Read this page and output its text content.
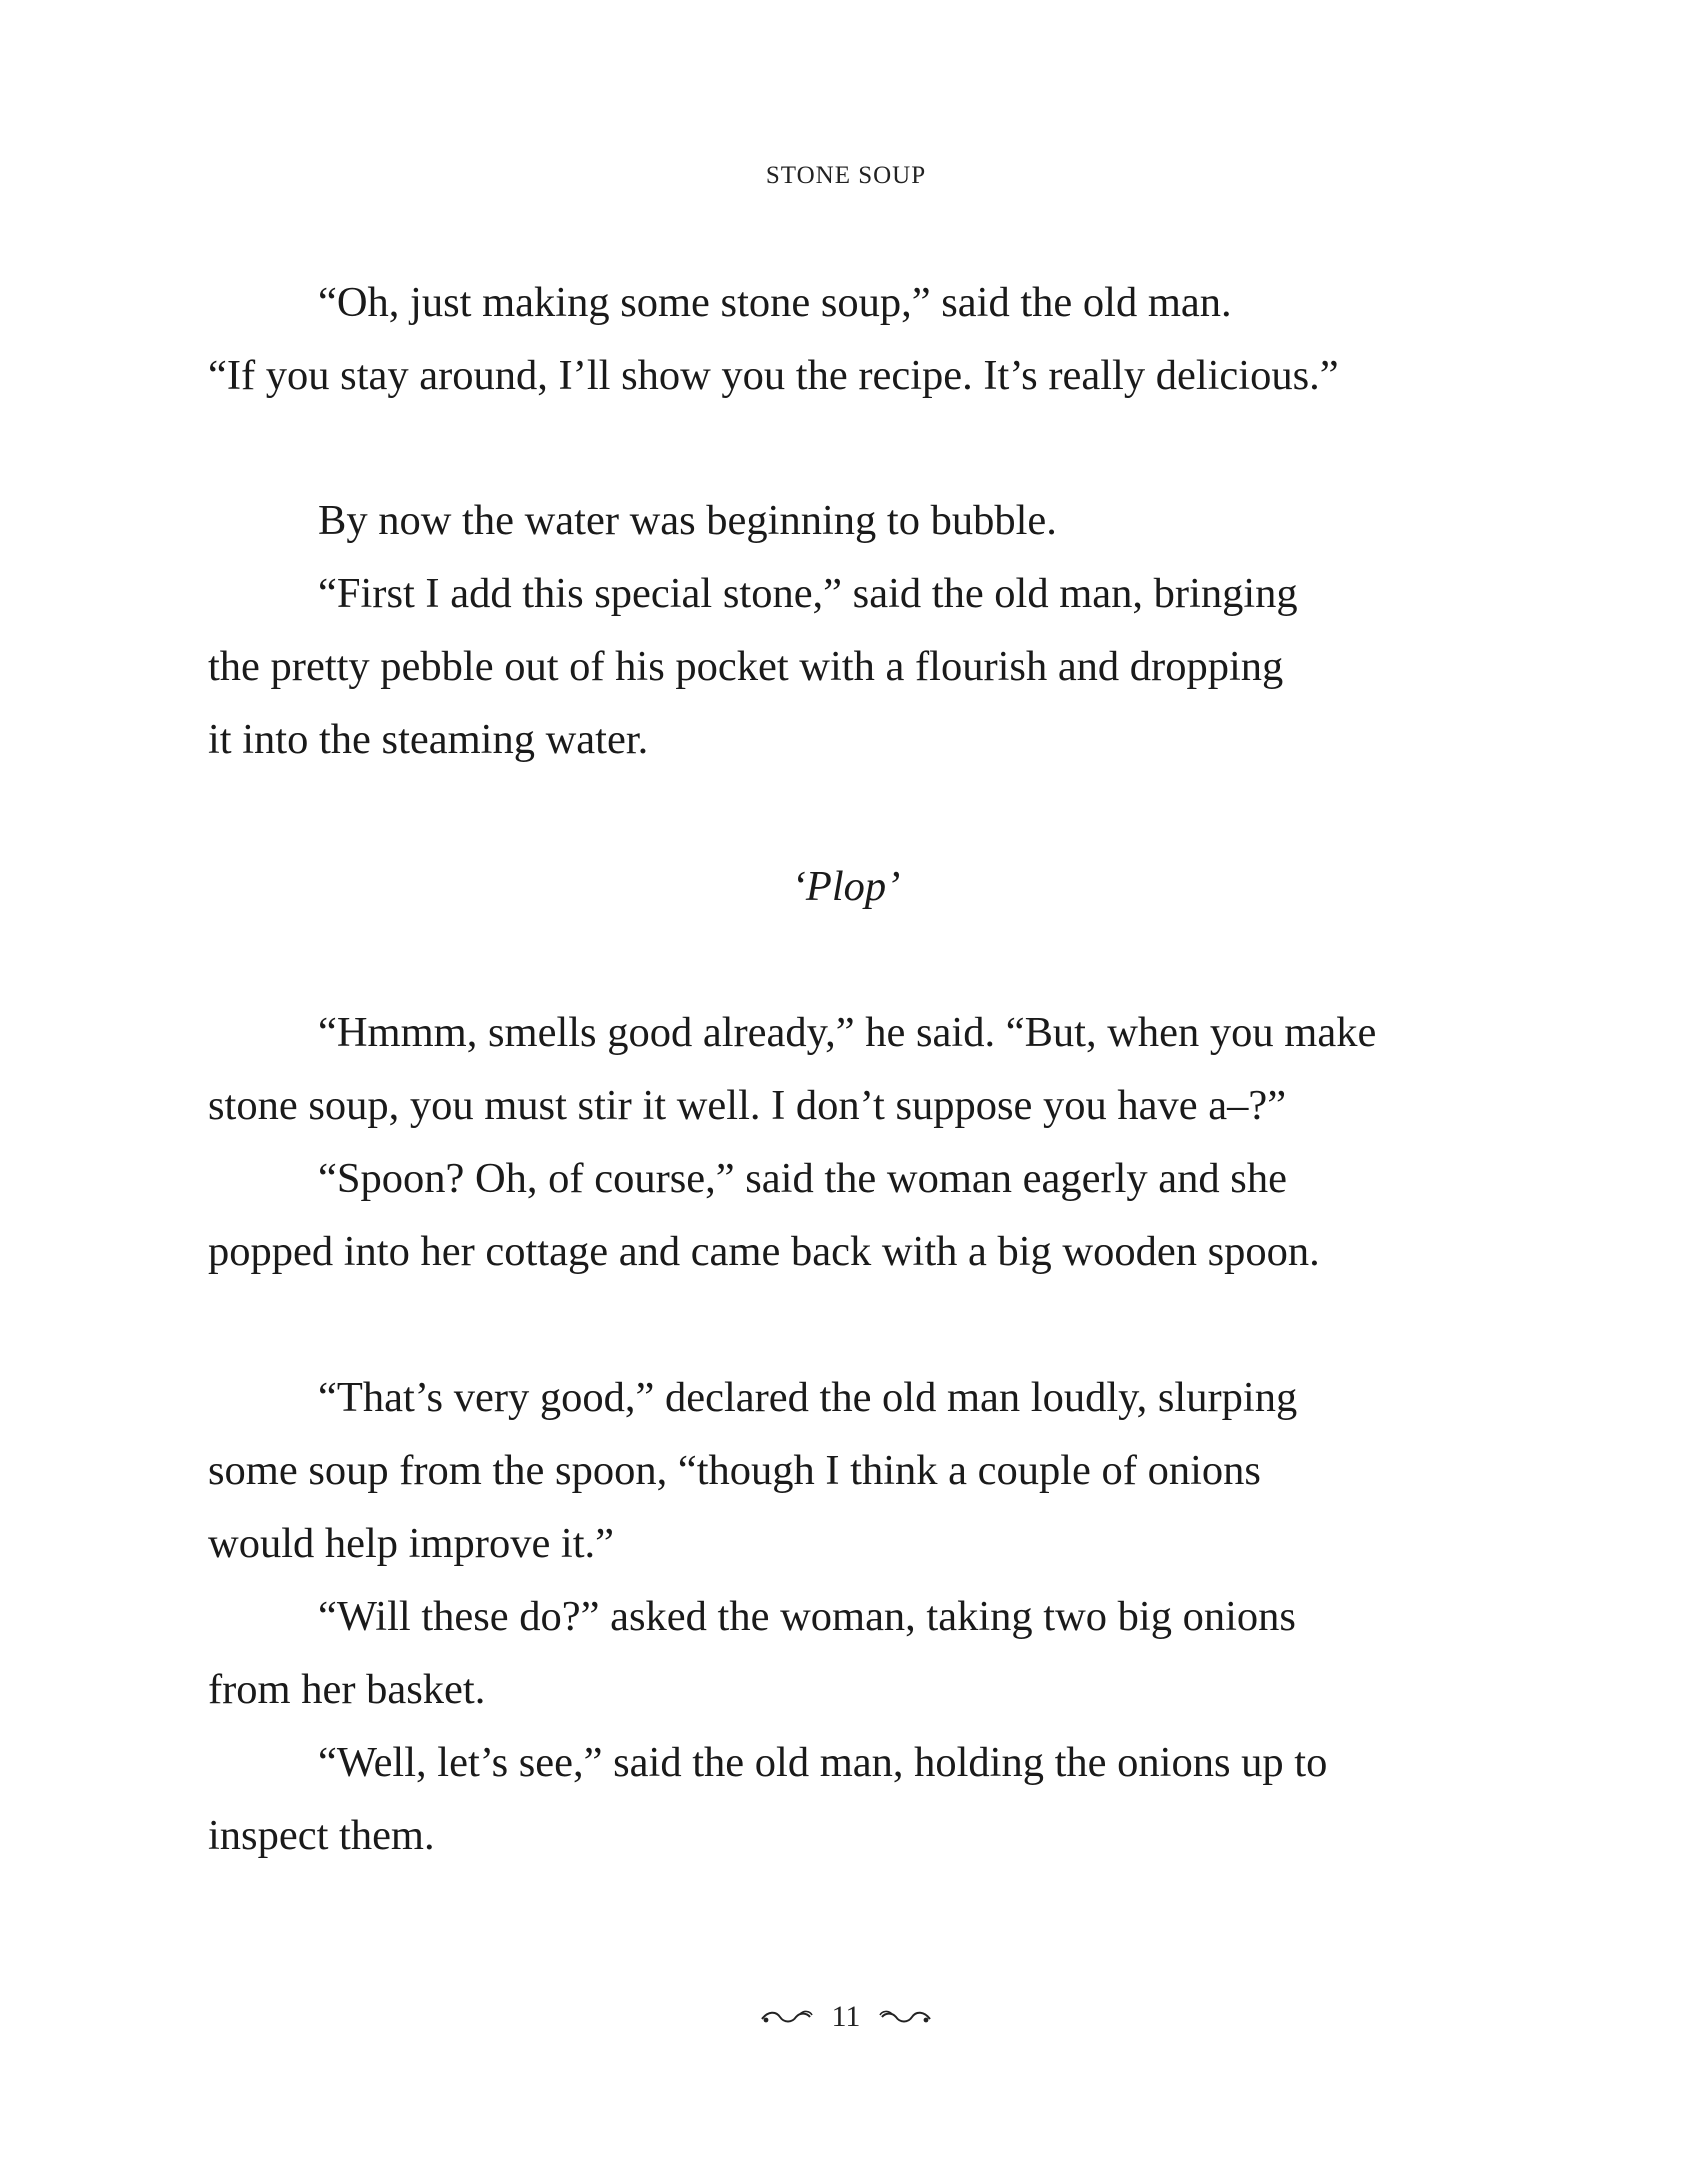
STONE SOUP
“Oh, just making some stone soup,” said the old man.
“If you stay around, I’ll show you the recipe. It’s really delicious.”
By now the water was beginning to bubble.
“First I add this special stone,” said the old man, bringing
the pretty pebble out of his pocket with a flourish and dropping
it into the steaming water.
‘Plop’
“Hmmm, smells good already,” he said. “But, when you make
stone soup, you must stir it well. I don’t suppose you have a–?”
“Spoon? Oh, of course,” said the woman eagerly and she
popped into her cottage and came back with a big wooden spoon.
“That’s very good,” declared the old man loudly, slurping
some soup from the spoon, “though I think a couple of onions
would help improve it.”
“Will these do?” asked the woman, taking two big onions
from her basket.
“Well, let’s see,” said the old man, holding the onions up to
inspect them.
11
